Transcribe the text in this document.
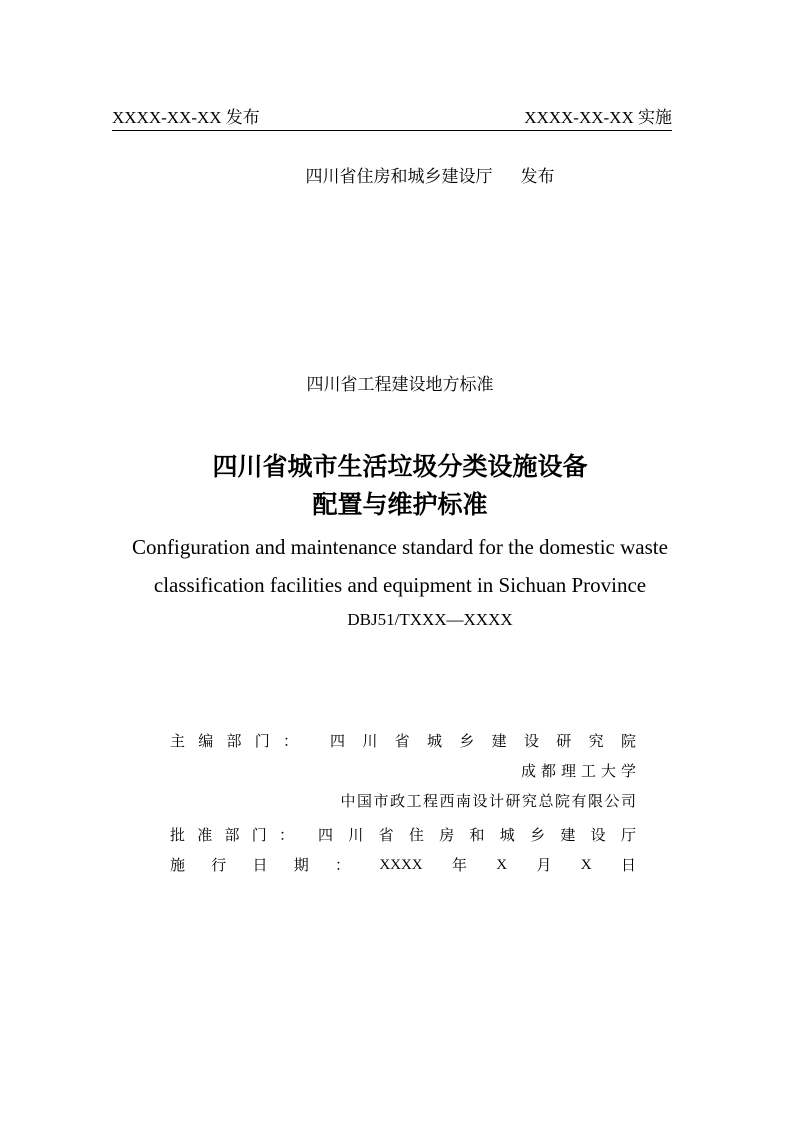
XXXX-XX-XX 发布	XXXX-XX-XX 实施
四川省住房和城乡建设厅 发布
四川省工程建设地方标准
四川省城市生活垃圾分类设施设备
配置与维护标准
Configuration and maintenance standard for the domestic waste
classification facilities and equipment in Sichuan Province
DBJ51/TXXX—XXXX
主 编 部 门 ： 四 川 省 城 乡 建 设 研 究 院
成都理工大学
中国市政工程西南设计研究总院有限公司
批 准 部 门 ： 四 川 省 住 房 和 城 乡 建 设 厅
施 行 日 期 ： XXXX 年 X 月 X 日
